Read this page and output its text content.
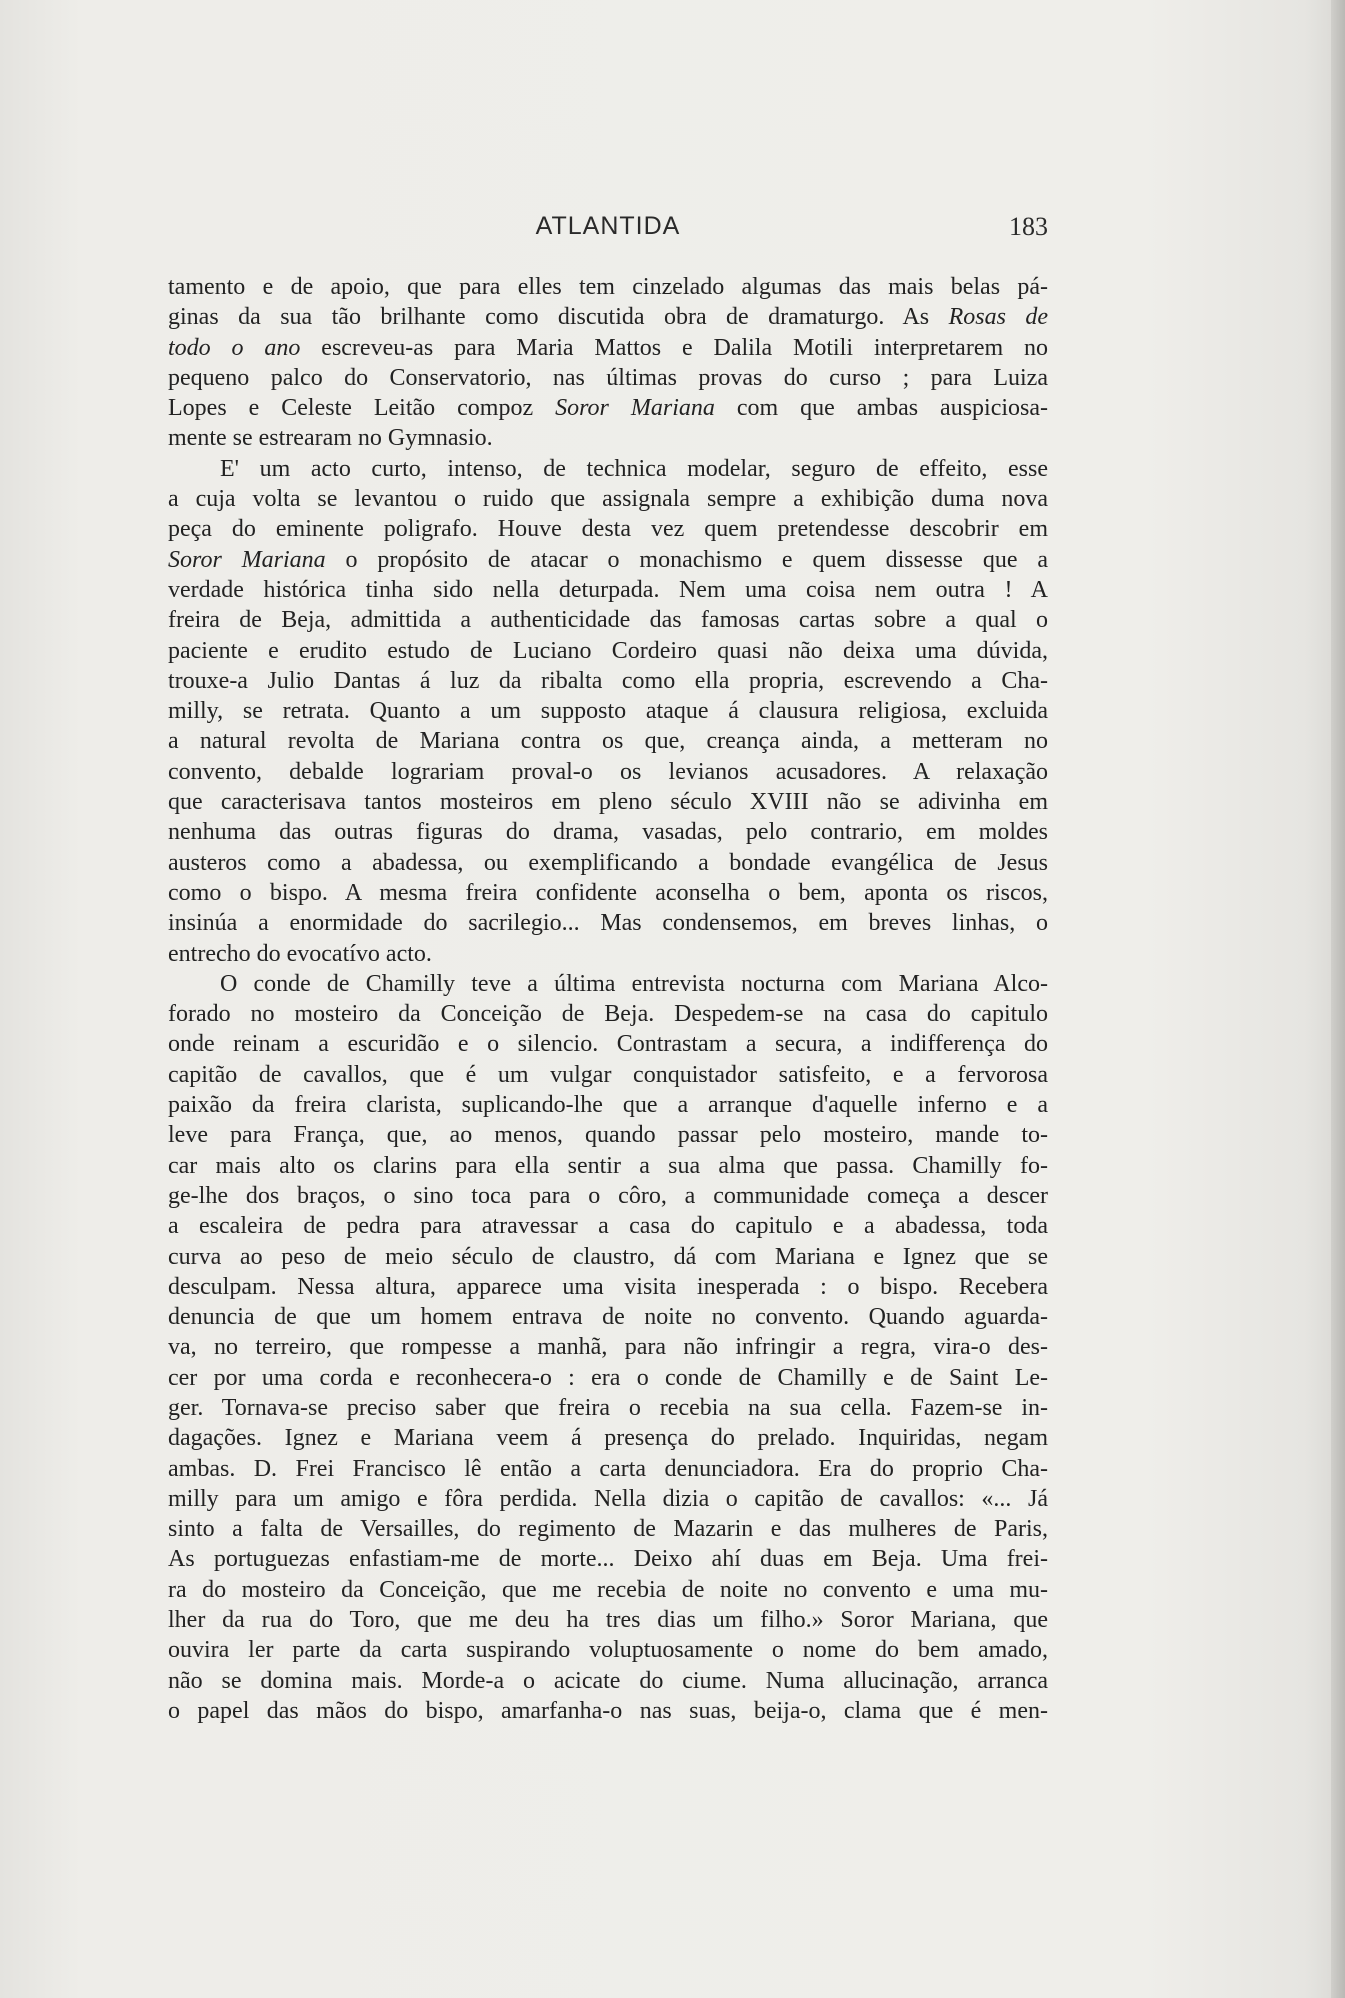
ATLANTIDA	183
tamento e de apoio, que para elles tem cinzelado algumas das mais belas pá-
ginas da sua tão brilhante como discutida obra de dramaturgo. As Rosas de
todo o ano escreveu-as para Maria Mattos e Dalila Motili interpretarem no
pequeno palco do Conservatorio, nas últimas provas do curso ; para Luiza
Lopes e Celeste Leitão compoz Soror Mariana com que ambas auspiciosa-
mente se estrearam no Gymnasio.
E' um acto curto, intenso, de technica modelar, seguro de effeito, esse
a cuja volta se levantou o ruido que assignala sempre a exhibição duma nova
peça do eminente poligrafo. Houve desta vez quem pretendesse descobrir em
Soror Mariana o propósito de atacar o monachismo e quem dissesse que a
verdade histórica tinha sido nella deturpada. Nem uma coisa nem outra ! A
freira de Beja, admittida a authenticidade das famosas cartas sobre a qual o
paciente e erudito estudo de Luciano Cordeiro quasi não deixa uma dúvida,
trouxe-a Julio Dantas á luz da ribalta como ella propria, escrevendo a Cha-
milly, se retrata. Quanto a um supposto ataque á clausura religiosa, excluida
a natural revolta de Mariana contra os que, creança ainda, a metteram no
convento, debalde lograriam proval-o os levianos acusadores. A relaxação
que caracterisava tantos mosteiros em pleno século XVIII não se adivinha em
nenhuma das outras figuras do drama, vasadas, pelo contrario, em moldes
austeros como a abadessa, ou exemplificando a bondade evangélica de Jesus
como o bispo. A mesma freira confidente aconselha o bem, aponta os riscos,
insinúa a enormidade do sacrilegio... Mas condensemos, em breves linhas, o
entrecho do evocatívo acto.
O conde de Chamilly teve a última entrevista nocturna com Mariana Alco-
forado no mosteiro da Conceição de Beja. Despedem-se na casa do capitulo
onde reinam a escuridão e o silencio. Contrastam a secura, a indifferença do
capitão de cavallos, que é um vulgar conquistador satisfeito, e a fervorosa
paixão da freira clarista, suplicando-lhe que a arranque d'aquelle inferno e a
leve para França, que, ao menos, quando passar pelo mosteiro, mande to-
car mais alto os clarins para ella sentir a sua alma que passa. Chamilly fo-
ge-lhe dos braços, o sino toca para o côro, a communidade começa a descer
a escaleira de pedra para atravessar a casa do capitulo e a abadessa, toda
curva ao peso de meio século de claustro, dá com Mariana e Ignez que se
desculpam. Nessa altura, apparece uma visita inesperada : o bispo. Recebera
denuncia de que um homem entrava de noite no convento. Quando aguarda-
va, no terreiro, que rompesse a manhã, para não infringir a regra, vira-o des-
cer por uma corda e reconhecera-o : era o conde de Chamilly e de Saint Le-
ger. Tornava-se preciso saber que freira o recebia na sua cella. Fazem-se in-
dagações. Ignez e Mariana veem á presença do prelado. Inquiridas, negam
ambas. D. Frei Francisco lê então a carta denunciadora. Era do proprio Cha-
milly para um amigo e fôra perdida. Nella dizia o capitão de cavallos: «... Já
sinto a falta de Versailles, do regimento de Mazarin e das mulheres de Paris,
As portuguezas enfastiam-me de morte... Deixo ahí duas em Beja. Uma frei-
ra do mosteiro da Conceição, que me recebia de noite no convento e uma mu-
lher da rua do Toro, que me deu ha tres dias um filho.» Soror Mariana, que
ouvira ler parte da carta suspirando voluptuosamente o nome do bem amado,
não se domina mais. Morde-a o acicate do ciume. Numa allucinação, arranca
o papel das mãos do bispo, amarfanha-o nas suas, beija-o, clama que é men-
